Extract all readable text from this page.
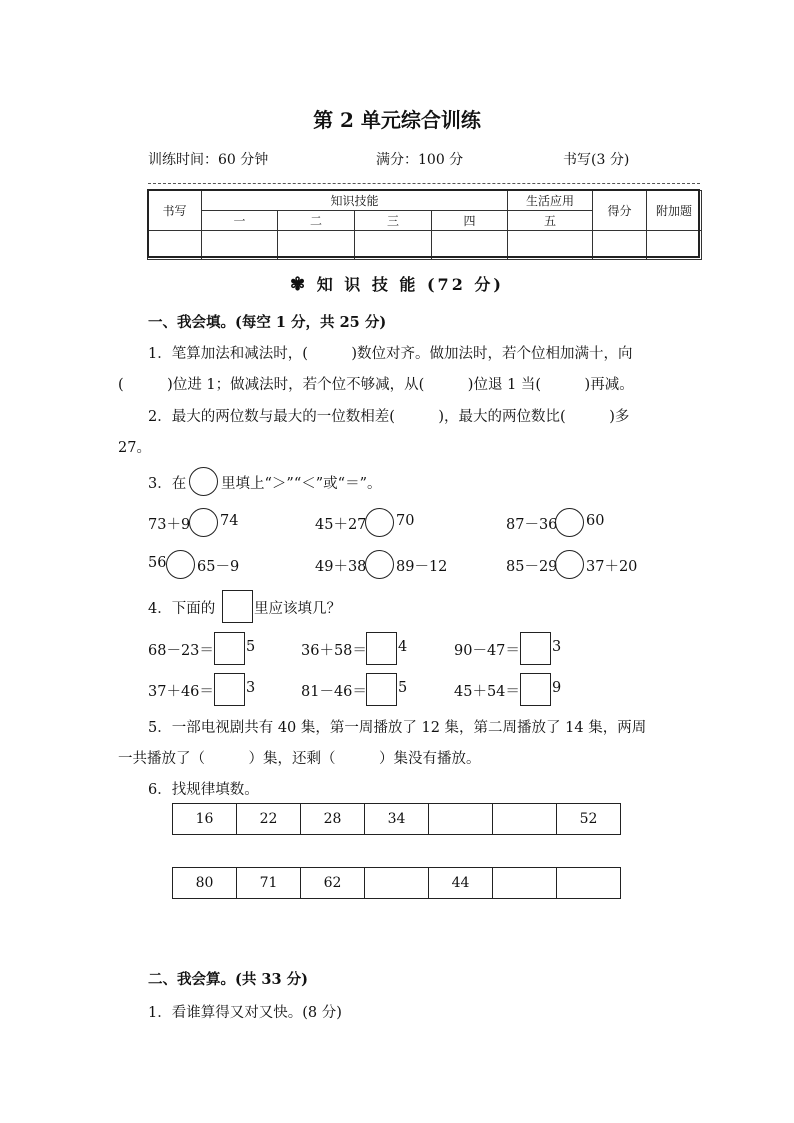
第 2 单元综合训练
训练时间：60 分钟	满分：100 分	书写(3 分)
书写	知识技能				生活应用	得分	附加题
	一	二	三	四	五		

✾ 知 识 技 能 (72 分)
一、我会填。(每空 1 分，共 25 分)
1．笔算加法和减法时，(　　　)数位对齐。做加法时，若个位相加满十，向
(　　　)位进 1；做减法时，若个位不够减，从(　　　)位退 1 当(　　　)再减。
2．最大的两位数与最大的一位数相差(　　　)，最大的两位数比(　　　)多
27。
3．在 里填上“＞”“＜”或“＝”。
73＋9 74	45＋27 70	87－36 60
56 65－9	49＋38 89－12	85－29 37＋20
4．下面的	里应该填几？
68－23＝ 5	36＋58＝ 4	90－47＝ 3
37＋46＝ 3	81－46＝ 5	45＋54＝ 9
5．一部电视剧共有 40 集，第一周播放了 12 集，第二周播放了 14 集，两周
一共播放了（　　　）集，还剩（　　　）集没有播放。
6．找规律填数。
16	22	28	34			52
80	71	62		44		
二、我会算。(共 33 分)
1．看谁算得又对又快。(8 分)
